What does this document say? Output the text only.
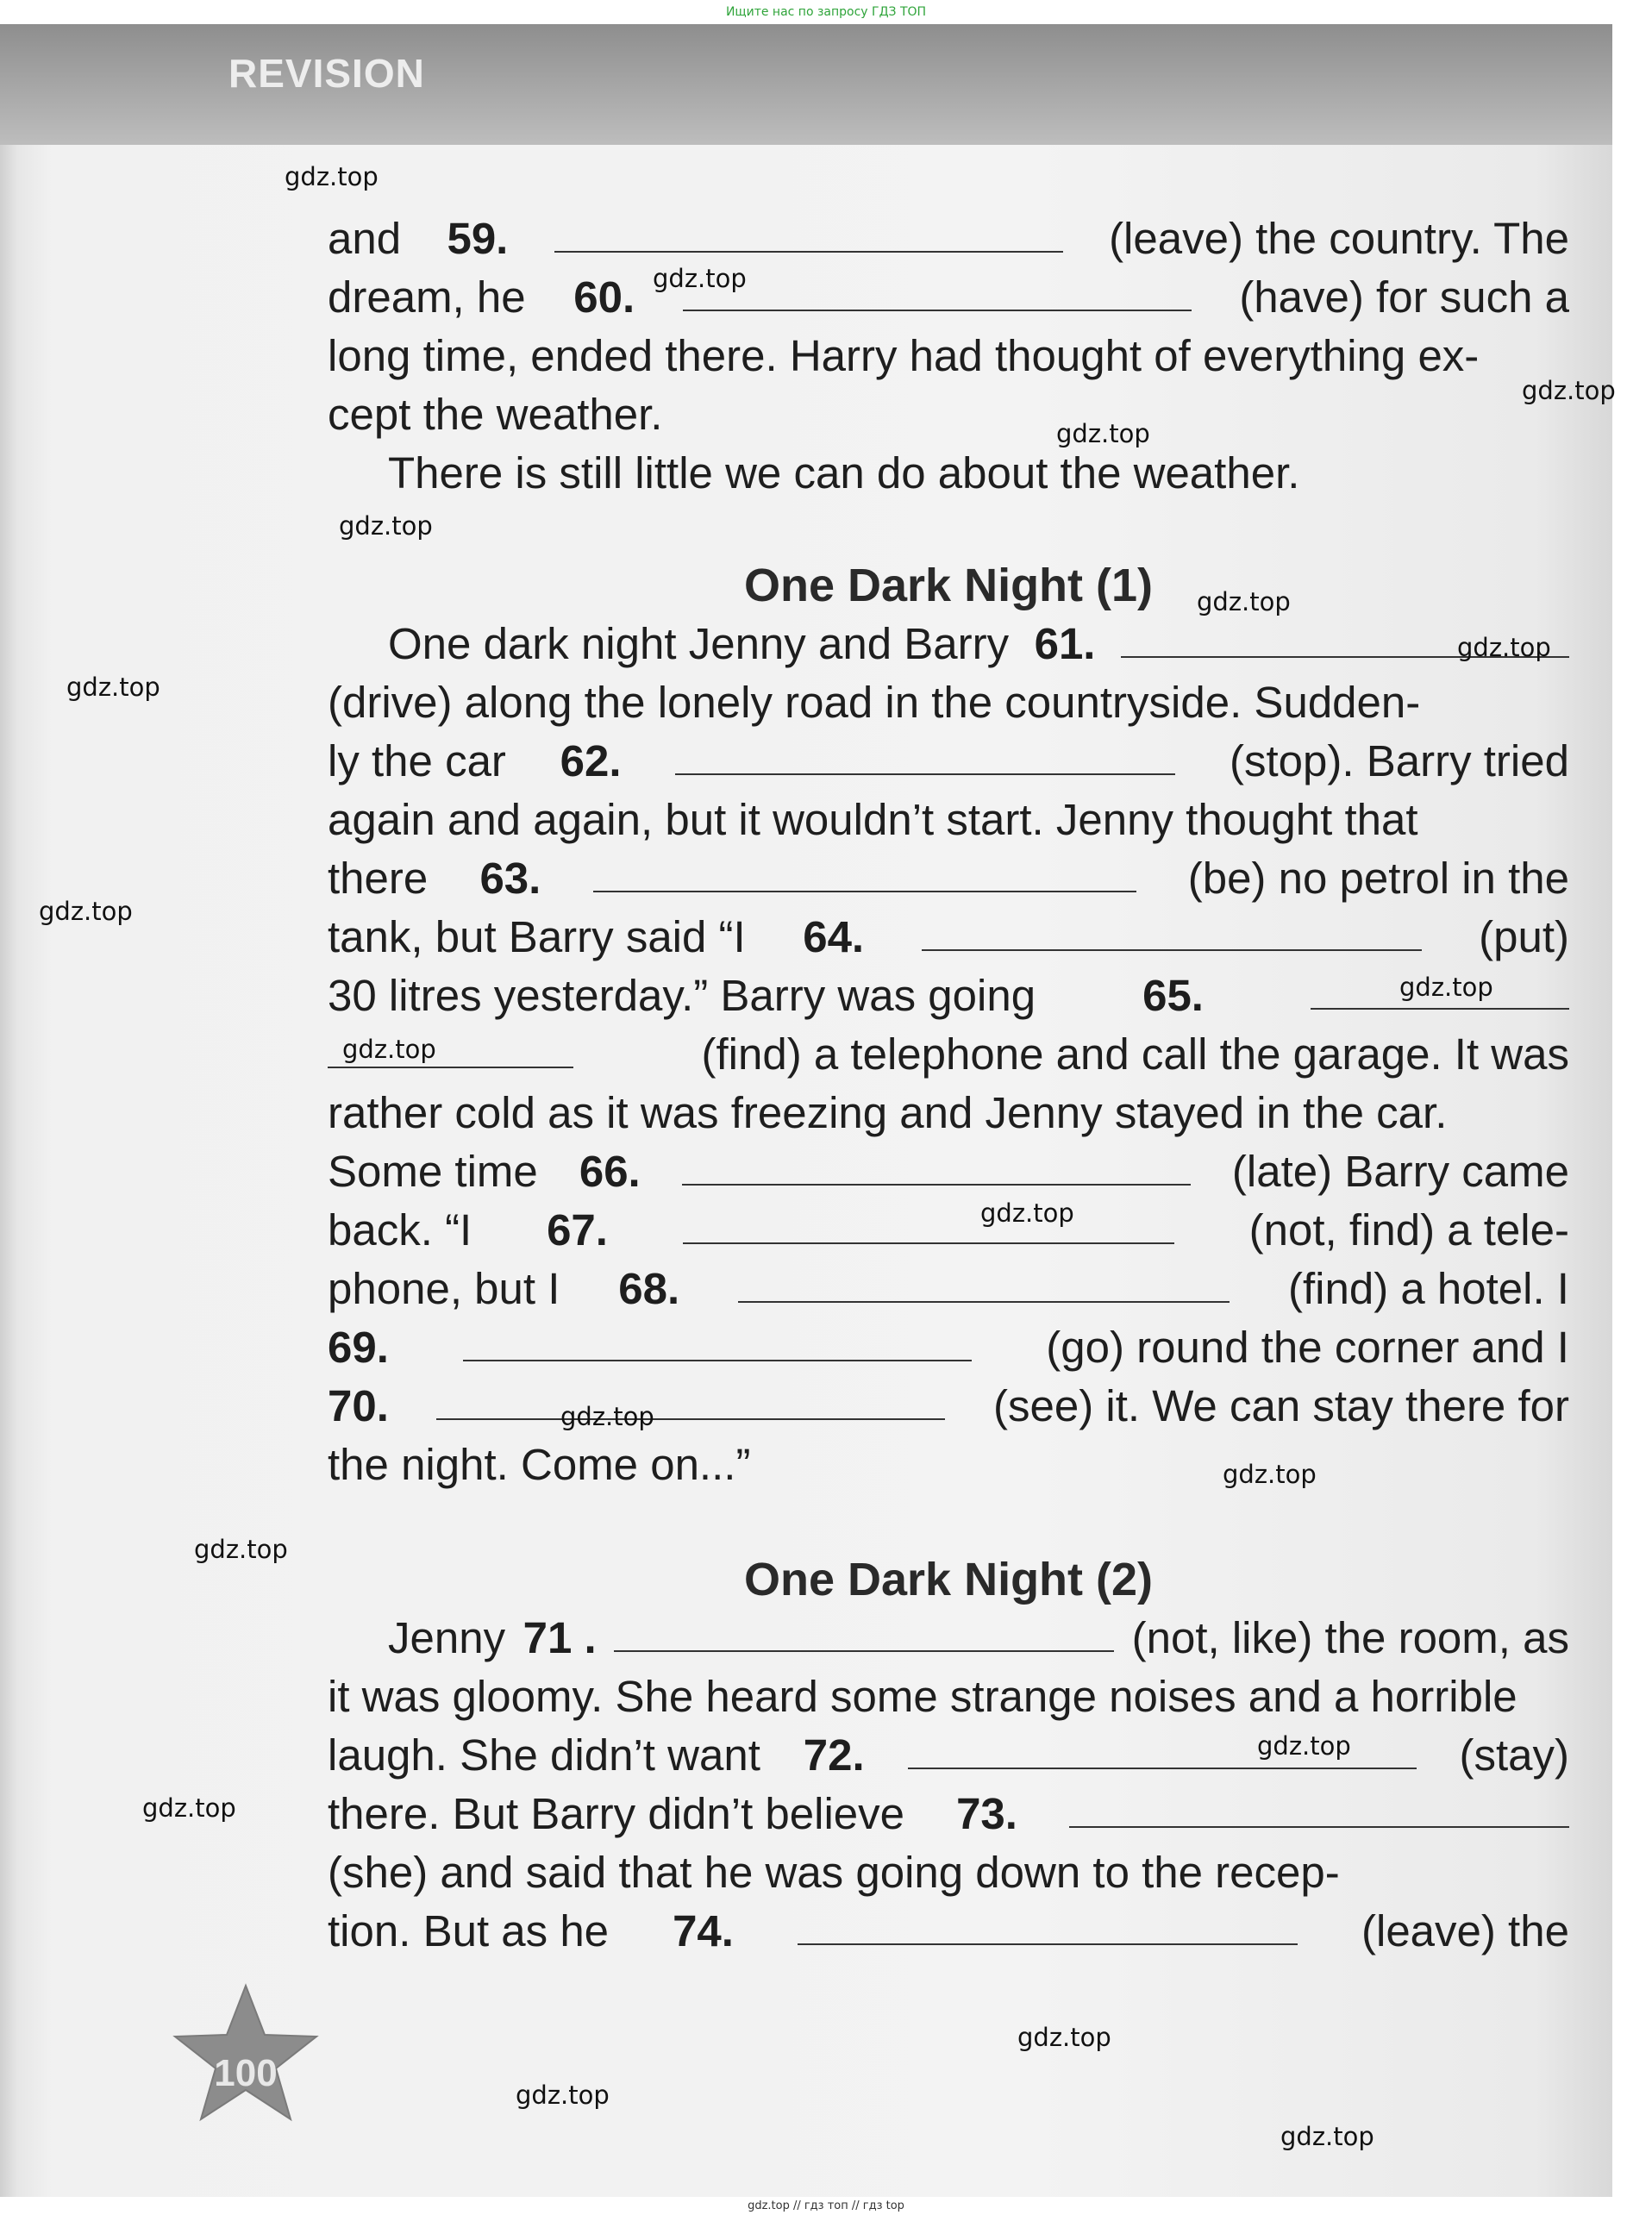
Ищите нас по запросу ГДЗ ТОП
REVISION
and 59.	(leave) the country. The
dream, he 60.	(have) for such a
long time, ended there. Harry had thought of everything ex-
cept the weather.
There is still little we can do about the weather.
One Dark Night (1)
One dark night Jenny and Barry 61.
(drive) along the lonely road in the countryside. Sudden-
ly the car 62.	(stop). Barry tried
again and again, but it wouldn’t start. Jenny thought that
there 63.	(be) no petrol in the
tank, but Barry said “I 64.	(put)
30 litres yesterday.” Barry was going 65.
(find) a telephone and call the garage. It was
rather cold as it was freezing and Jenny stayed in the car.
Some time 66.	(late) Barry came
back. “I 67.	(not, find) a tele-
phone, but I 68.	(find) a hotel. I
69.	(go) round the corner and I
70.	(see) it. We can stay there for
the night. Come on...”
One Dark Night (2)
Jenny 71 .	(not, like) the room, as
it was gloomy. She heard some strange noises and a horrible
laugh. She didn’t want 72.	(stay)
there. But Barry didn’t believe 73.
(she) and said that he was going down to the recep-
tion. But as he 74.	(leave) the
100
gdz.top
gdz.top
gdz.top
gdz.top
gdz.top
gdz.top
gdz.top
gdz.top
gdz.top
gdz.top
gdz.top
gdz.top
gdz.top
gdz.top
gdz.top
gdz.top
gdz.top
gdz.top
gdz.top
gdz.top
gdz.top // гдз топ // гдз top
